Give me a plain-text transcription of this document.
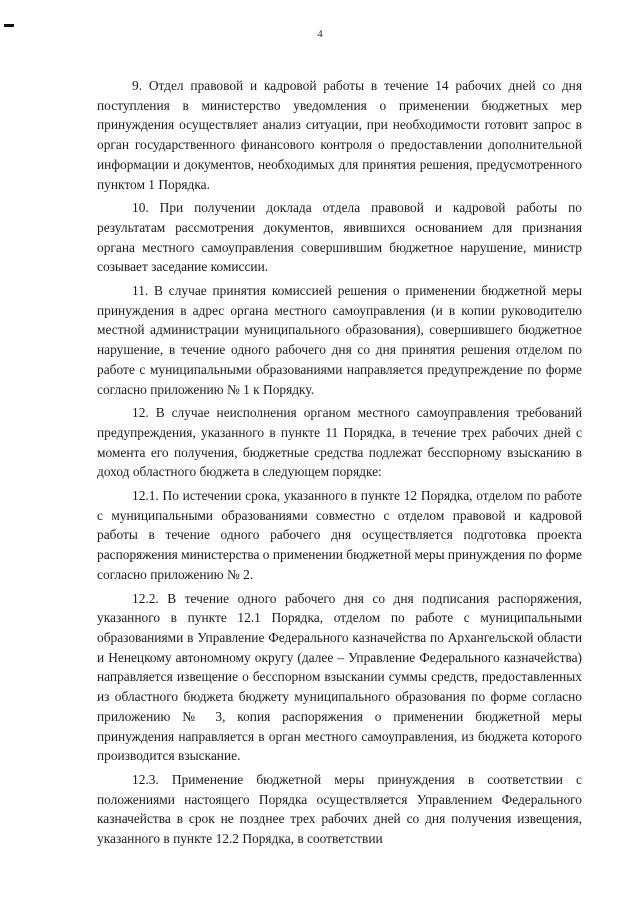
4

9. Отдел правовой и кадровой работы в течение 14 рабочих дней со дня поступления в министерство уведомления о применении бюджетных мер принуждения осуществляет анализ ситуации, при необходимости готовит запрос в орган государственного финансового контроля о предоставлении дополнительной информации и документов, необходимых для принятия решения, предусмотренного пунктом 1 Порядка.

10. При получении доклада отдела правовой и кадровой работы по результатам рассмотрения документов, явившихся основанием для признания органа местного самоуправления совершившим бюджетное нарушение, министр созывает заседание комиссии.

11. В случае принятия комиссией решения о применении бюджетной меры принуждения в адрес органа местного самоуправления (и в копии руководителю местной администрации муниципального образования), совершившего бюджетное нарушение, в течение одного рабочего дня со дня принятия решения отделом по работе с муниципальными образованиями направляется предупреждение по форме согласно приложению № 1 к Порядку.

12. В случае неисполнения органом местного самоуправления требований предупреждения, указанного в пункте 11 Порядка, в течение трех рабочих дней с момента его получения, бюджетные средства подлежат бесспорному взысканию в доход областного бюджета в следующем порядке:

12.1. По истечении срока, указанного в пункте 12 Порядка, отделом по работе с муниципальными образованиями совместно с отделом правовой и кадровой работы в течение одного рабочего дня осуществляется подготовка проекта распоряжения министерства о применении бюджетной меры принуждения по форме согласно приложению № 2.

12.2. В течение одного рабочего дня со дня подписания распоряжения, указанного в пункте 12.1 Порядка, отделом по работе с муниципальными образованиями в Управление Федерального казначейства по Архангельской области и Ненецкому автономному округу (далее – Управление Федерального казначейства) направляется извещение о бесспорном взыскании суммы средств, предоставленных из областного бюджета бюджету муниципального образования по форме согласно приложению № 3, копия распоряжения о применении бюджетной меры принуждения направляется в орган местного самоуправления, из бюджета которого производится взыскание.

12.3. Применение бюджетной меры принуждения в соответствии с положениями настоящего Порядка осуществляется Управлением Федерального казначейства в срок не позднее трех рабочих дней со дня получения извещения, указанного в пункте 12.2 Порядка, в соответствии
